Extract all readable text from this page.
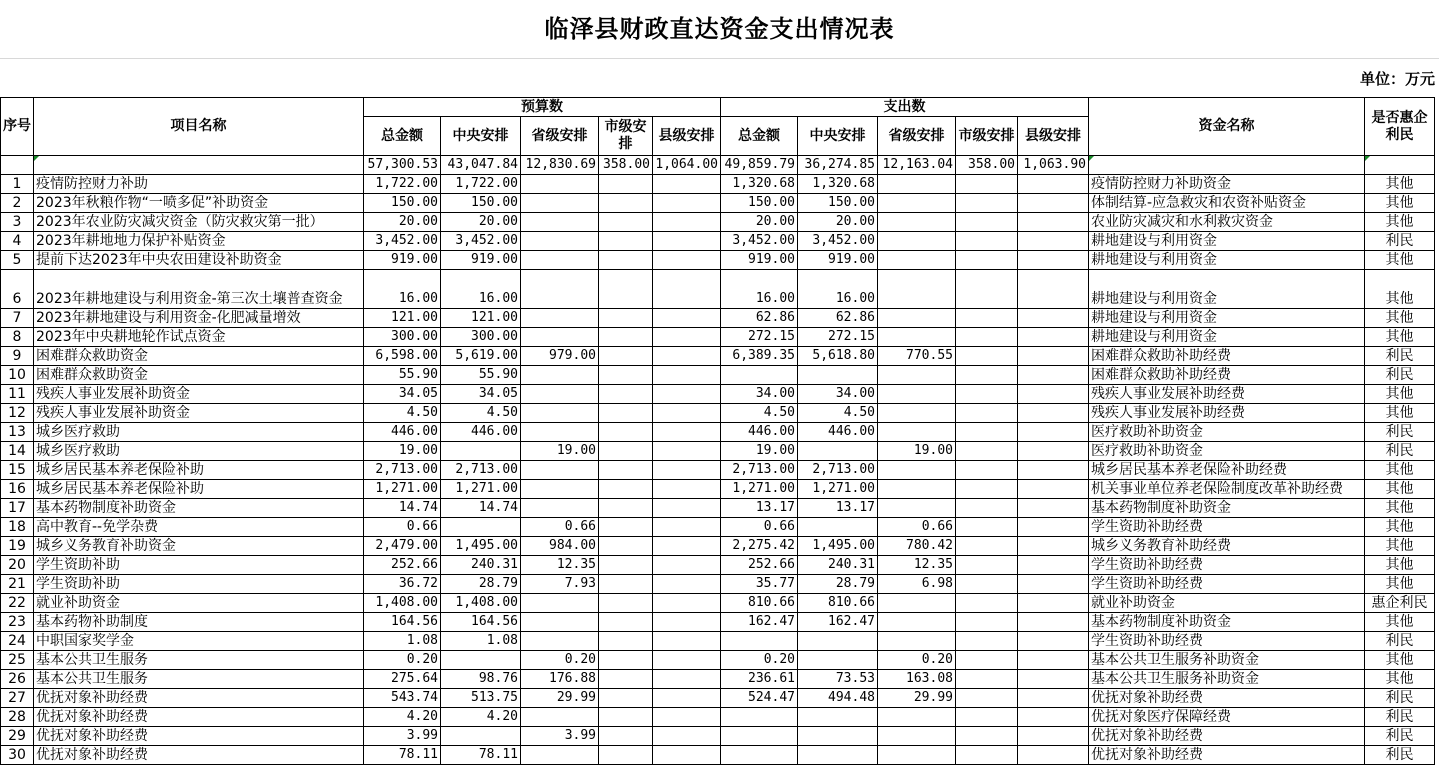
临泽县财政直达资金支出情况表
单位：万元
序号	项目名称	预算数					支出数					资金名称	是否惠企利民
		总金额	中央安排	省级安排	市级安排	县级安排	总金额	中央安排	省级安排	市级安排	县级安排		
		57,300.53	43,047.84	12,830.69	358.00	1,064.00	49,859.79	36,274.85	12,163.04	358.00	1,063.90		
1	疫情防控财力补助	1,722.00	1,722.00				1,320.68	1,320.68				疫情防控财力补助资金	其他
2	2023年秋粮作物“一喷多促”补助资金	150.00	150.00				150.00	150.00				体制结算-应急救灾和农资补贴资金	其他
3	2023年农业防灾减灾资金（防灾救灾第一批）	20.00	20.00				20.00	20.00				农业防灾减灾和水利救灾资金	其他
4	2023年耕地地力保护补贴资金	3,452.00	3,452.00				3,452.00	3,452.00				耕地建设与利用资金	利民
5	提前下达2023年中央农田建设补助资金	919.00	919.00				919.00	919.00				耕地建设与利用资金	其他
6	2023年耕地建设与利用资金-第三次土壤普查资金	16.00	16.00				16.00	16.00				耕地建设与利用资金	其他
7	2023年耕地建设与利用资金-化肥减量增效	121.00	121.00				62.86	62.86				耕地建设与利用资金	其他
8	2023年中央耕地轮作试点资金	300.00	300.00				272.15	272.15				耕地建设与利用资金	其他
9	困难群众救助资金	6,598.00	5,619.00	979.00			6,389.35	5,618.80	770.55			困难群众救助补助经费	利民
10	困难群众救助资金	55.90	55.90									困难群众救助补助经费	利民
11	残疾人事业发展补助资金	34.05	34.05				34.00	34.00				残疾人事业发展补助经费	其他
12	残疾人事业发展补助资金	4.50	4.50				4.50	4.50				残疾人事业发展补助经费	其他
13	城乡医疗救助	446.00	446.00				446.00	446.00				医疗救助补助资金	利民
14	城乡医疗救助	19.00		19.00			19.00		19.00			医疗救助补助资金	利民
15	城乡居民基本养老保险补助	2,713.00	2,713.00				2,713.00	2,713.00				城乡居民基本养老保险补助经费	其他
16	城乡居民基本养老保险补助	1,271.00	1,271.00				1,271.00	1,271.00				机关事业单位养老保险制度改革补助经费	其他
17	基本药物制度补助资金	14.74	14.74				13.17	13.17				基本药物制度补助资金	其他
18	高中教育--免学杂费	0.66		0.66			0.66		0.66			学生资助补助经费	其他
19	城乡义务教育补助资金	2,479.00	1,495.00	984.00			2,275.42	1,495.00	780.42			城乡义务教育补助经费	其他
20	学生资助补助	252.66	240.31	12.35			252.66	240.31	12.35			学生资助补助经费	其他
21	学生资助补助	36.72	28.79	7.93			35.77	28.79	6.98			学生资助补助经费	其他
22	就业补助资金	1,408.00	1,408.00				810.66	810.66				就业补助资金	惠企利民
23	基本药物补助制度	164.56	164.56				162.47	162.47				基本药物制度补助资金	其他
24	中职国家奖学金	1.08	1.08									学生资助补助经费	利民
25	基本公共卫生服务	0.20		0.20			0.20		0.20			基本公共卫生服务补助资金	其他
26	基本公共卫生服务	275.64	98.76	176.88			236.61	73.53	163.08			基本公共卫生服务补助资金	其他
27	优抚对象补助经费	543.74	513.75	29.99			524.47	494.48	29.99			优抚对象补助经费	利民
28	优抚对象补助经费	4.20	4.20									优抚对象医疗保障经费	利民
29	优抚对象补助经费	3.99		3.99								优抚对象补助经费	利民
30	优抚对象补助经费	78.11	78.11									优抚对象补助经费	利民
